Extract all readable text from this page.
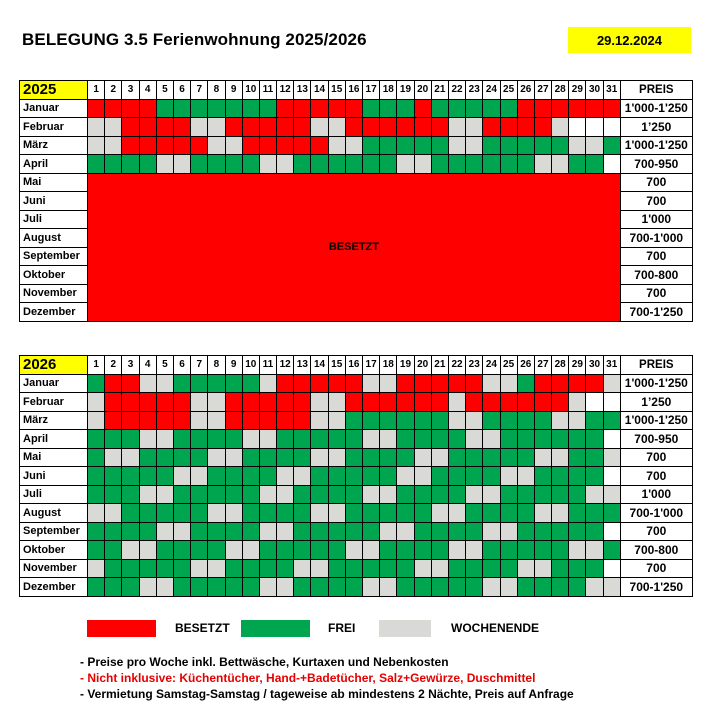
BELEGUNG 3.5 Ferienwohnung 2025/2026	29.12.2024
2025	1	2	3	4	5	6	7	8	9	10	11	12	13	14	15	16	17	18	19	20	21	22	23	24	25	26	27	28	29	30	31	PREIS
Januar																																1'000-1'250
Februar																																1’250
März																																1'000-1'250
April																																700-950
Mai	BESETZT																															700
Juni																																700
Juli																																1'000
August																																700-1'000
September																																700
Oktober																																700-800
November																																700
Dezember																																700-1'250
2026	1	2	3	4	5	6	7	8	9	10	11	12	13	14	15	16	17	18	19	20	21	22	23	24	25	26	27	28	29	30	31	PREIS
Januar																																1'000-1'250
Februar																																1’250
März																																1'000-1'250
April																																700-950
Mai																																700
Juni																																700
Juli																																1'000
August																																700-1'000
September																																700
Oktober																																700-800
November																																700
Dezember																																700-1'250
BESETZT	FREI	WOCHENENDE
- Preise pro Woche inkl. Bettwäsche, Kurtaxen und Nebenkosten
- Nicht inklusive: Küchentücher, Hand-+Badetücher, Salz+Gewürze, Duschmittel
- Vermietung Samstag-Samstag / tageweise ab mindestens 2 Nächte, Preis auf Anfrage
